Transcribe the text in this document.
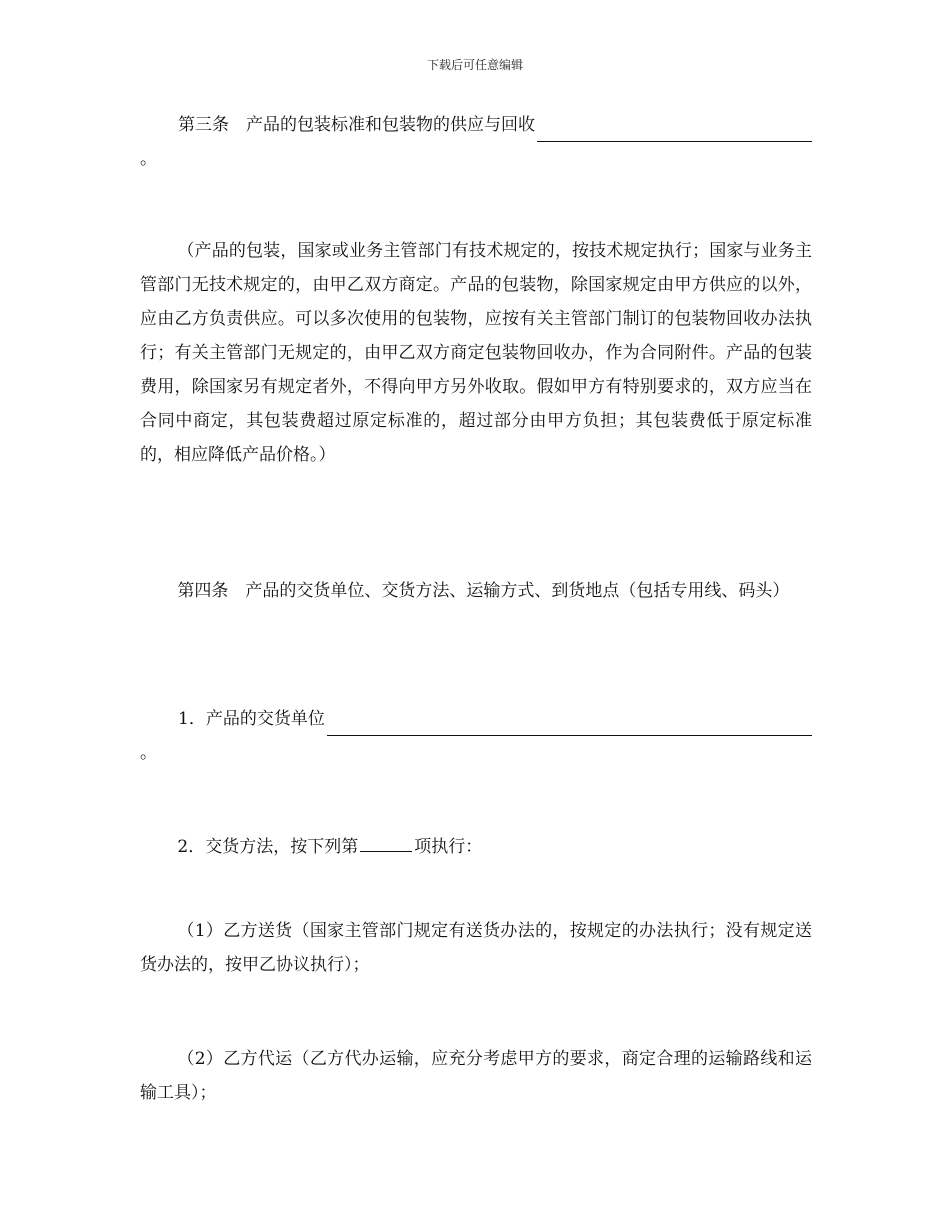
下载后可任意编辑
第三条　产品的包装标准和包装物的供应与回收
。
（产品的包装，国家或业务主管部门有技术规定的，按技术规定执行；国家与业务主管部门无技术规定的，由甲乙双方商定。产品的包装物，除国家规定由甲方供应的以外，应由乙方负责供应。可以多次使用的包装物，应按有关主管部门制订的包装物回收办法执行；有关主管部门无规定的，由甲乙双方商定包装物回收办，作为合同附件。产品的包装费用，除国家另有规定者外，不得向甲方另外收取。假如甲方有特别要求的，双方应当在合同中商定，其包装费超过原定标准的，超过部分由甲方负担；其包装费低于原定标准的，相应降低产品价格。）
第四条　产品的交货单位、交货方法、运输方式、到货地点（包括专用线、码头）
1．产品的交货单位
。
2．交货方法，按下列第	项执行：
（1）乙方送货（国家主管部门规定有送货办法的，按规定的办法执行；没有规定送货办法的，按甲乙协议执行）；
（2）乙方代运（乙方代办运输，应充分考虑甲方的要求，商定合理的运输路线和运输工具）；
